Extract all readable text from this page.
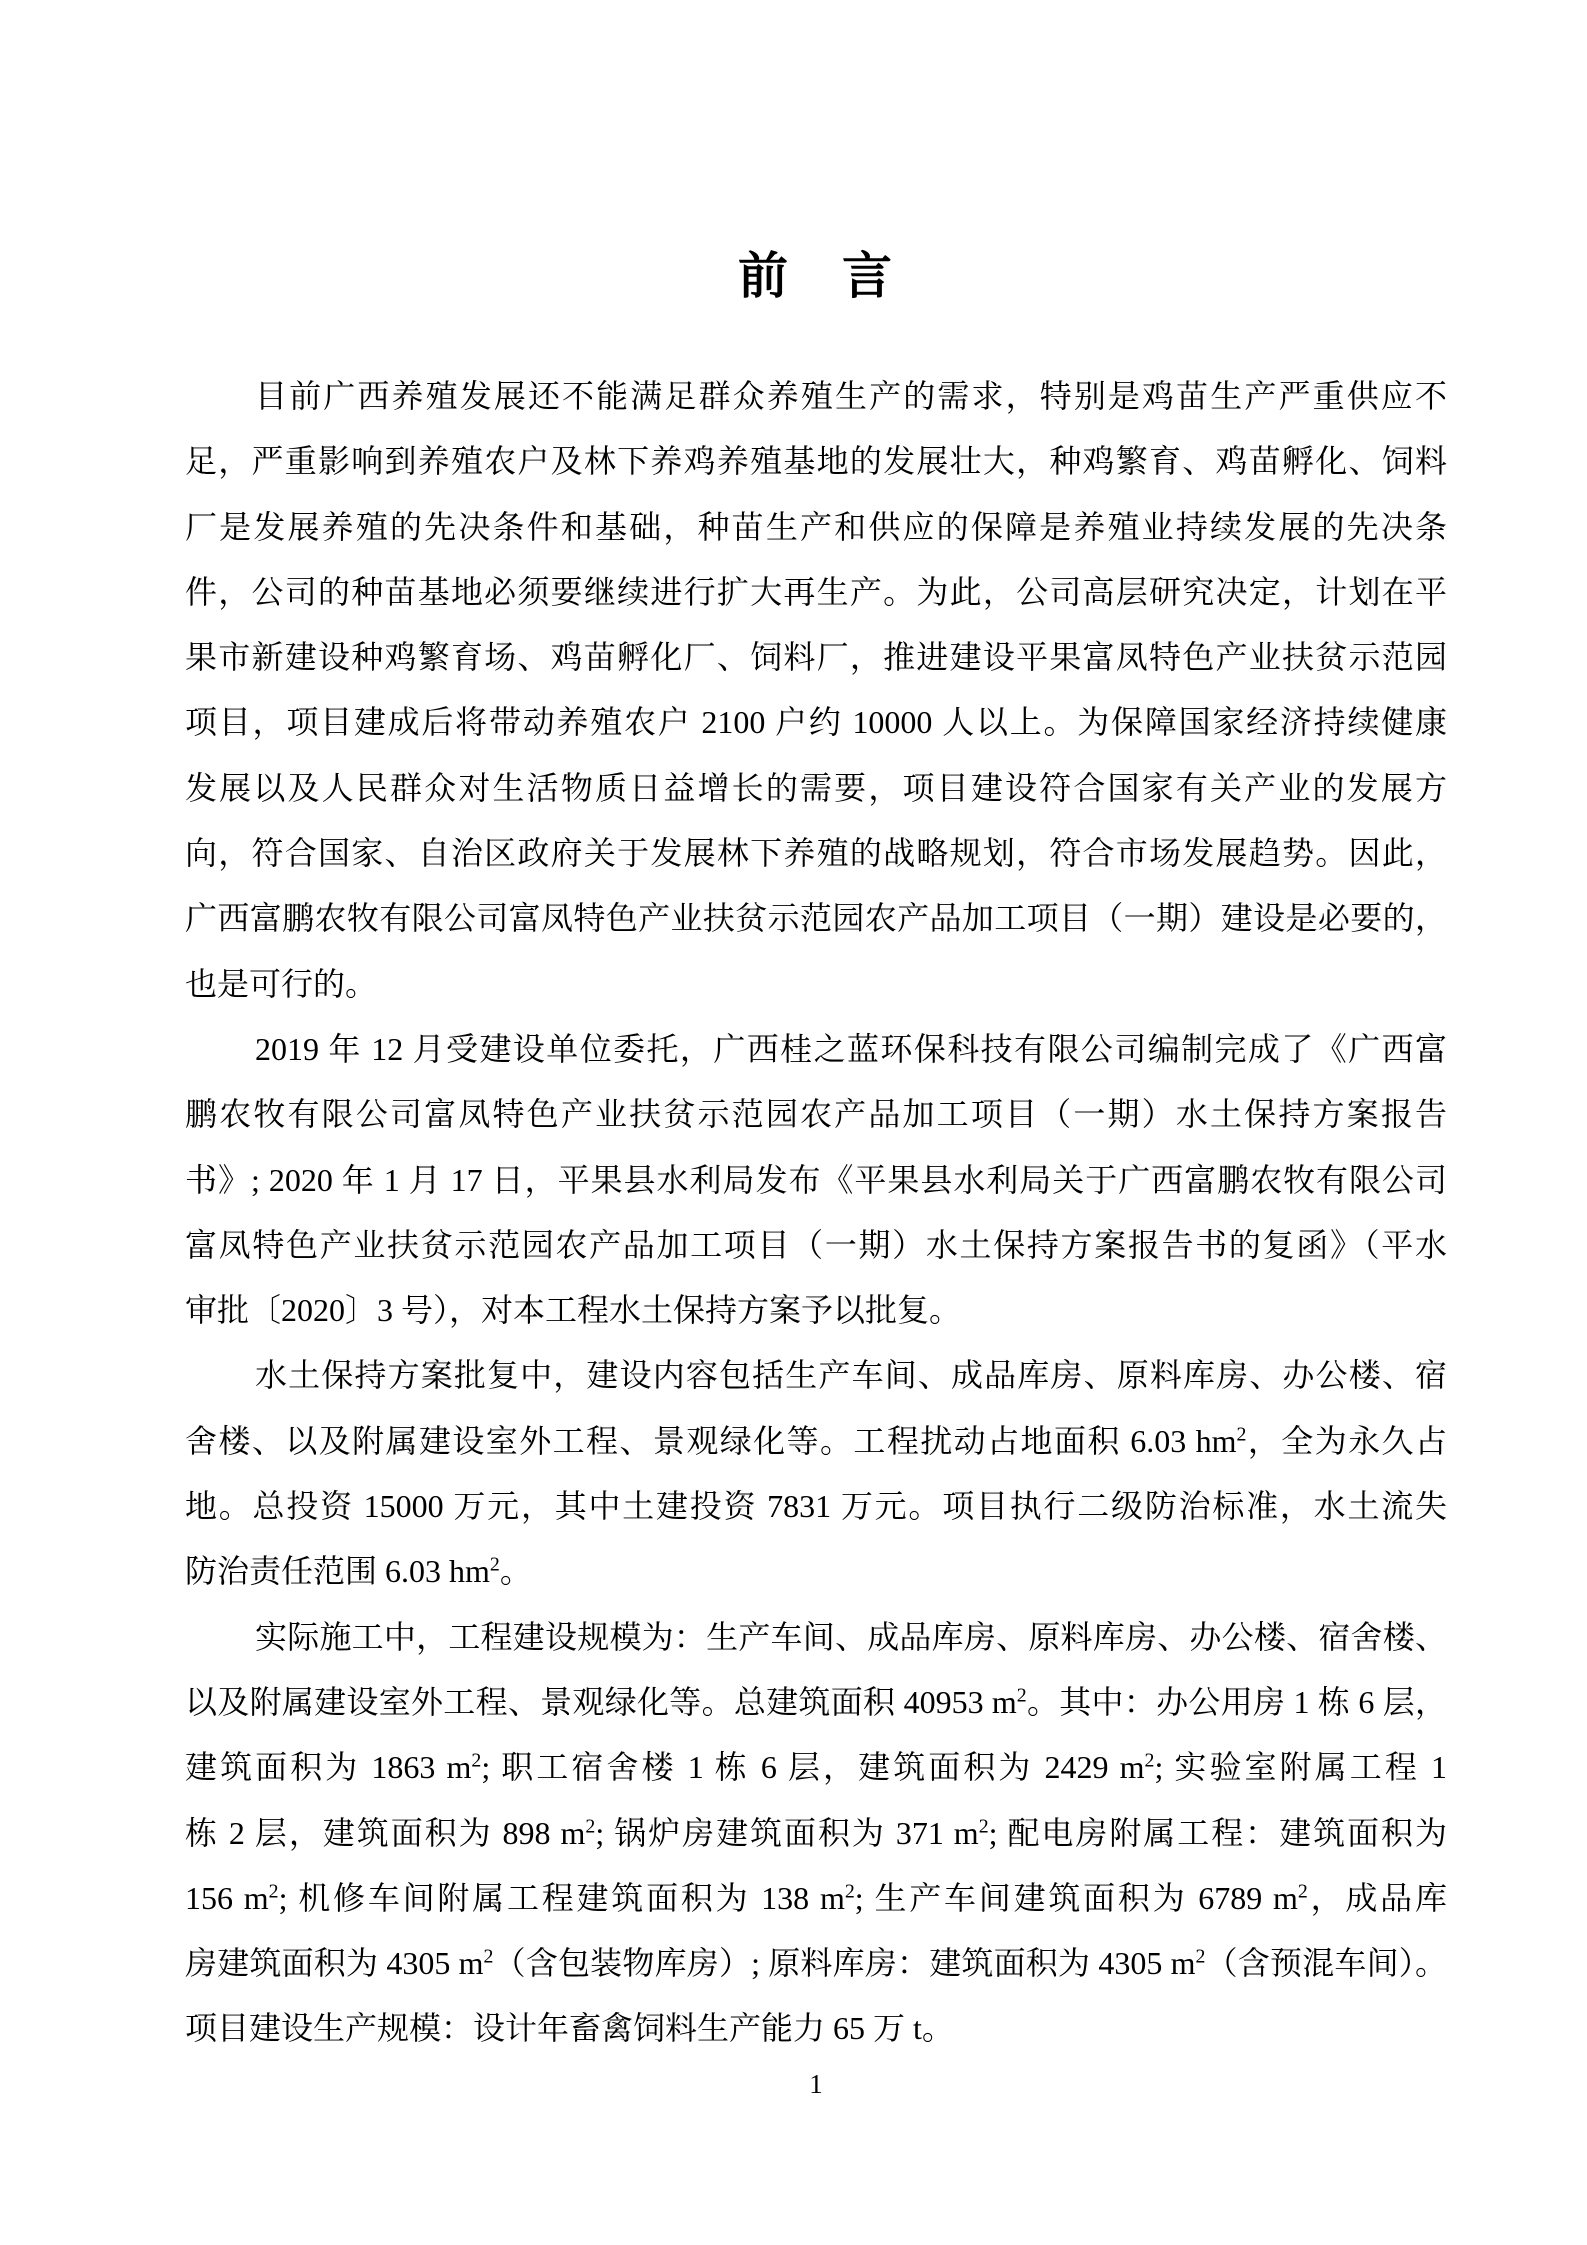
前　言
目前广西养殖发展还不能满足群众养殖生产的需求，特别是鸡苗生产严重供应不
足，严重影响到养殖农户及林下养鸡养殖基地的发展壮大，种鸡繁育、鸡苗孵化、饲料
厂是发展养殖的先决条件和基础，种苗生产和供应的保障是养殖业持续发展的先决条
件，公司的种苗基地必须要继续进行扩大再生产。为此，公司高层研究决定，计划在平
果市新建设种鸡繁育场、鸡苗孵化厂、饲料厂，推进建设平果富凤特色产业扶贫示范园
项目，项目建成后将带动养殖农户 2100 户约 10000 人以上。为保障国家经济持续健康
发展以及人民群众对生活物质日益增长的需要，项目建设符合国家有关产业的发展方
向，符合国家、自治区政府关于发展林下养殖的战略规划，符合市场发展趋势。因此，
广西富鹏农牧有限公司富凤特色产业扶贫示范园农产品加工项目（一期）建设是必要的，
也是可行的。
2019 年 12 月受建设单位委托，广西桂之蓝环保科技有限公司编制完成了《广西富
鹏农牧有限公司富凤特色产业扶贫示范园农产品加工项目（一期）水土保持方案报告
书》; 2020 年 1 月 17 日，平果县水利局发布《平果县水利局关于广西富鹏农牧有限公司
富凤特色产业扶贫示范园农产品加工项目（一期）水土保持方案报告书的复函》（平水
审批〔2020〕3 号），对本工程水土保持方案予以批复。
水土保持方案批复中，建设内容包括生产车间、成品库房、原料库房、办公楼、宿
舍楼、以及附属建设室外工程、景观绿化等。工程扰动占地面积 6.03 $hm^2$，全为永久占
地。总投资 15000 万元，其中土建投资 7831 万元。项目执行二级防治标准，水土流失
防治责任范围 6.03 $hm^2$。
实际施工中，工程建设规模为：生产车间、成品库房、原料库房、办公楼、宿舍楼、
以及附属建设室外工程、景观绿化等。总建筑面积 40953 $m^2$。其中：办公用房 1 栋 6 层，
建筑面积为 1863 $m^2$; 职工宿舍楼 1 栋 6 层，建筑面积为 2429 $m^2$; 实验室附属工程 1
栋 2 层，建筑面积为 898 $m^2$; 锅炉房建筑面积为 371 $m^2$; 配电房附属工程：建筑面积为
156 $m^2$; 机修车间附属工程建筑面积为 138 $m^2$; 生产车间建筑面积为 6789 $m^2$，成品库
房建筑面积为 4305 $m^2$（含包装物库房）; 原料库房：建筑面积为 4305 $m^2$（含预混车间）。
项目建设生产规模：设计年畜禽饲料生产能力 65 万 t。
1
